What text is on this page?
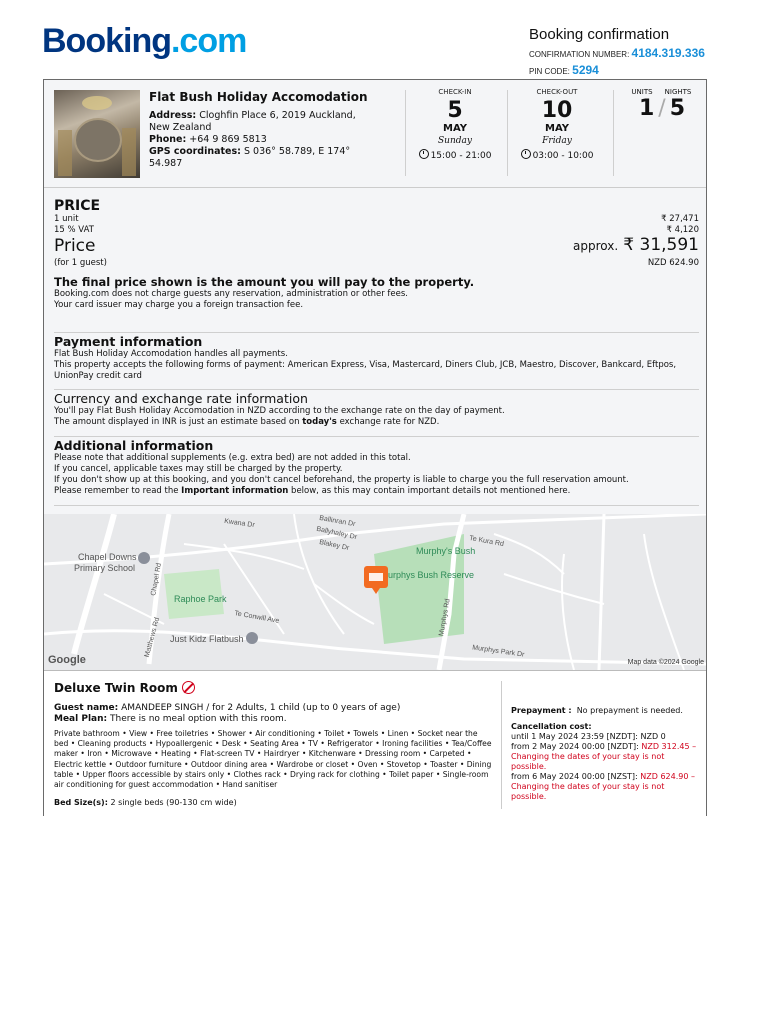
Booking.com	Booking confirmation
CONFIRMATION NUMBER: 4184.319.336
PIN CODE: 5294
Flat Bush Holiday Accomodation
Address: Cloghfin Place 6, 2019 Auckland, New Zealand
Phone: +64 9 869 5813
GPS coordinates: S 036° 58.789, E 174° 54.987
CHECK-IN
5
MAY
Sunday
15:00 - 21:00
CHECK-OUT
10
MAY
Friday
03:00 - 10:00
UNITS NIGHTS
1 / 5
PRICE
1 unit	₹ 27,471
15 % VAT	₹ 4,120
Price	approx. ₹ 31,591
(for 1 guest)	NZD 624.90
The final price shown is the amount you will pay to the property.
Booking.com does not charge guests any reservation, administration or other fees.
Your card issuer may charge you a foreign transaction fee.
Payment information
Flat Bush Holiday Accomodation handles all payments.
This property accepts the following forms of payment: American Express, Visa, Mastercard, Diners Club, JCB, Maestro, Discover, Bankcard, Eftpos, UnionPay credit card
Currency and exchange rate information
You'll pay Flat Bush Holiday Accomodation in NZD according to the exchange rate on the day of payment.
The amount displayed in INR is just an estimate based on today's exchange rate for NZD.
Additional information
Please note that additional supplements (e.g. extra bed) are not added in this total.
If you cancel, applicable taxes may still be charged by the property.
If you don't show up at this booking, and you don't cancel beforehand, the property is liable to charge you the full reservation amount.
Please remember to read the Important information below, as this may contain important details not mentioned here.
Kwana Dr	Ballinran Dr
Ballyhaley Dr
Blakey Dr	Te Kura Rd
Murphy's Bush
urphys Bush Reserve
Chapel Downs
Primary School Chapel Rd
Raphoe Park	Murphys Rd
Just Kidz Flatbush
Matthews Rd	Murphys Park Dr
Te Conwill Ave
Google	Map data ©2024 Google
Deluxe Twin Room
Guest name: AMANDEEP SINGH / for 2 Adults, 1 child (up to 0 years of age)
Meal Plan: There is no meal option with this room.
Private bathroom • View • Free toiletries • Shower • Air conditioning • Toilet • Towels • Linen • Socket near the bed • Cleaning products • Hypoallergenic • Desk • Seating Area • TV • Refrigerator • Ironing facilities • Tea/Coffee maker • Iron • Microwave • Heating • Flat-screen TV • Hairdryer • Kitchenware • Dressing room • Carpeted • Electric kettle • Outdoor furniture • Outdoor dining area • Wardrobe or closet • Oven • Stovetop • Toaster • Dining table • Upper floors accessible by stairs only • Clothes rack • Drying rack for clothing • Toilet paper • Single-room air conditioning for guest accommodation • Hand sanitiser
Bed Size(s): 2 single beds (90-130 cm wide)
Prepayment : No prepayment is needed.
Cancellation cost:
until 1 May 2024 23:59 [NZDT]: NZD 0
from 2 May 2024 00:00 [NZDT]: NZD 312.45 –
Changing the dates of your stay is not possible.
from 6 May 2024 00:00 [NZST]: NZD 624.90 –
Changing the dates of your stay is not possible.
